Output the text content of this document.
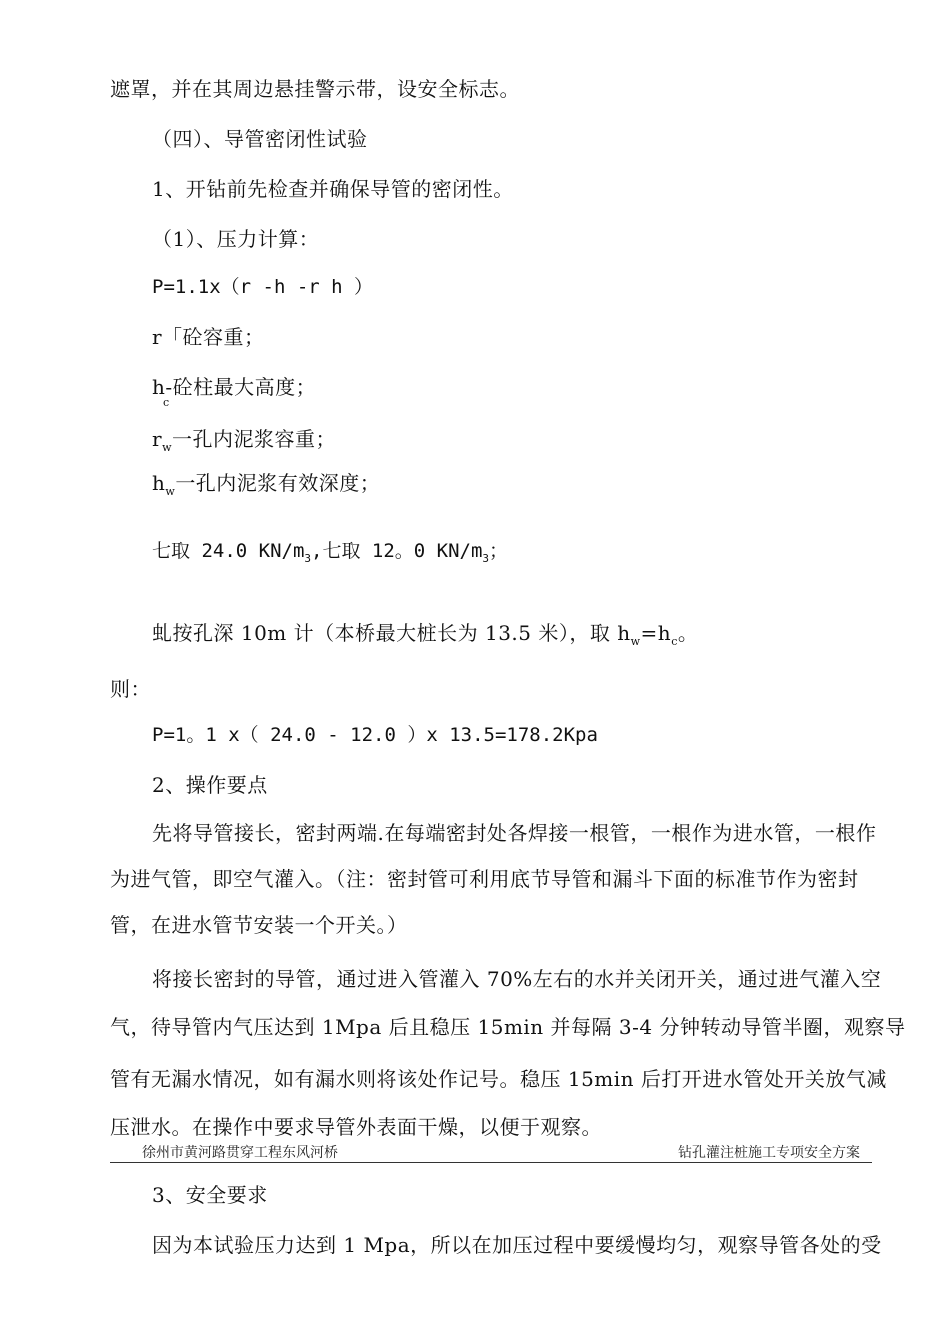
遮罩，并在其周边悬挂警示带，设安全标志。
（四）、导管密闭性试验
1、开钻前先检查并确保导管的密闭性。
（1）、压力计算：
P=1.1x（r -h -r h ）
r「砼容重；
h-砼柱最大高度；
c
$r_w$一孔内泥浆容重；
$h_w$一孔内泥浆有效深度；
七取 24.0 $KN/m_3$,七取 12。0 $KN/m_3$；
虬按孔深 10m 计（本桥最大桩长为 13.5 米），取 $h_w=h_c$。
则：
P=1。1 x（ 24.0 - 12.0 ）x 13.5=178.2Kpa
2、操作要点
先将导管接长，密封两端.在每端密封处各焊接一根管，一根作为进水管，一根作
为进气管，即空气灌入。（注：密封管可利用底节导管和漏斗下面的标准节作为密封
管，在进水管节安装一个开关。）
将接长密封的导管，通过进入管灌入 70%左右的水并关闭开关，通过进气灌入空
气，待导管内气压达到 1Mpa 后且稳压 15min 并每隔 3-4 分钟转动导管半圈，观察导
管有无漏水情况，如有漏水则将该处作记号。稳压 15min 后打开进水管处开关放气减
压泄水。在操作中要求导管外表面干燥，以便于观察。
徐州市黄河路贯穿工程东风河桥	钻孔灌注桩施工专项安全方案
3、安全要求
因为本试验压力达到 1 Mpa，所以在加压过程中要缓慢均匀，观察导管各处的受
